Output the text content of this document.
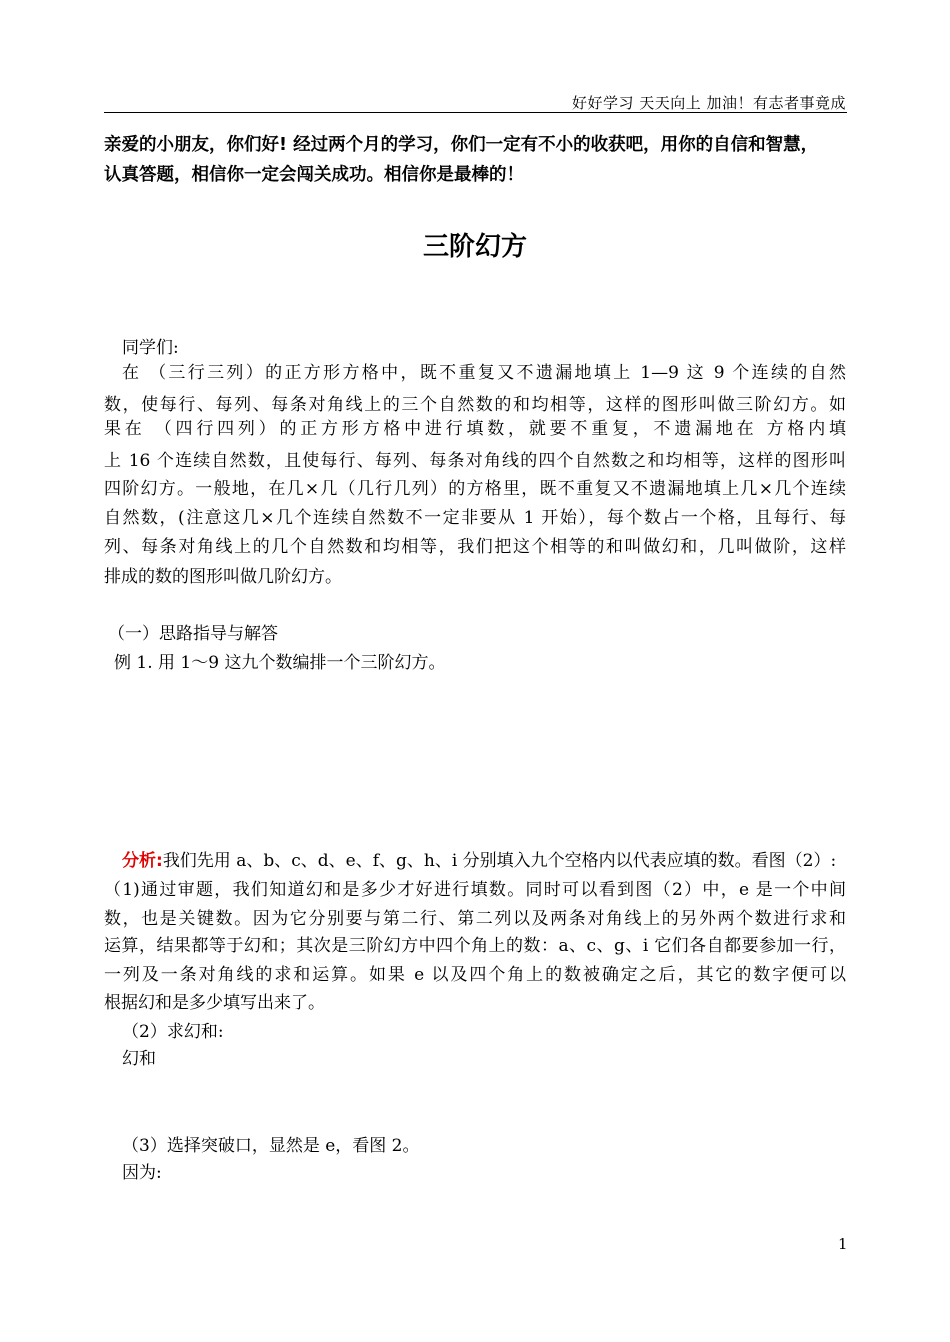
好好学习 天天向上 加油！有志者事竟成

亲爱的小朋友，你们好! 经过两个月的学习，你们一定有不小的收获吧，用你的自信和智慧，

认真答题，相信你一定会闯关成功。相信你是最棒的！

三阶幻方
同学们:
在 （三行三列）的正方形方格中，既不重复又不遗漏地填上 1—9 这 9 个连续的自然
数，使每行、每列、每条对角线上的三个自然数的和均相等，这样的图形叫做三阶幻方。如
果在 （四行四列）的正方形方格中进行填数，就要不重复，不遗漏地在 方格内填
上 16 个连续自然数，且使每行、每列、每条对角线的四个自然数之和均相等，这样的图形叫
四阶幻方。一般地，在几×几（几行几列）的方格里，既不重复又不遗漏地填上几×几个连续
自然数，(注意这几×几个连续自然数不一定非要从 1 开始），每个数占一个格，且每行、每
列、每条对角线上的几个自然数和均相等，我们把这个相等的和叫做幻和，几叫做阶，这样
排成的数的图形叫做几阶幻方。
（一）思路指导与解答
例 1. 用 1～9 这九个数编排一个三阶幻方。
分析:我们先用 a、b、c、d、e、f、g、h、i 分别填入九个空格内以代表应填的数。看图（2）:
（1)通过审题，我们知道幻和是多少才好进行填数。同时可以看到图（2）中，e 是一个中间
数，也是关键数。因为它分别要与第二行、第二列以及两条对角线上的另外两个数进行求和
运算，结果都等于幻和；其次是三阶幻方中四个角上的数：a、c、g、i 它们各自都要参加一行，
一列及一条对角线的求和运算。如果 e 以及四个角上的数被确定之后，其它的数字便可以
根据幻和是多少填写出来了。
（2）求幻和:
幻和
（3）选择突破口，显然是 e，看图 2。
因为:
1
